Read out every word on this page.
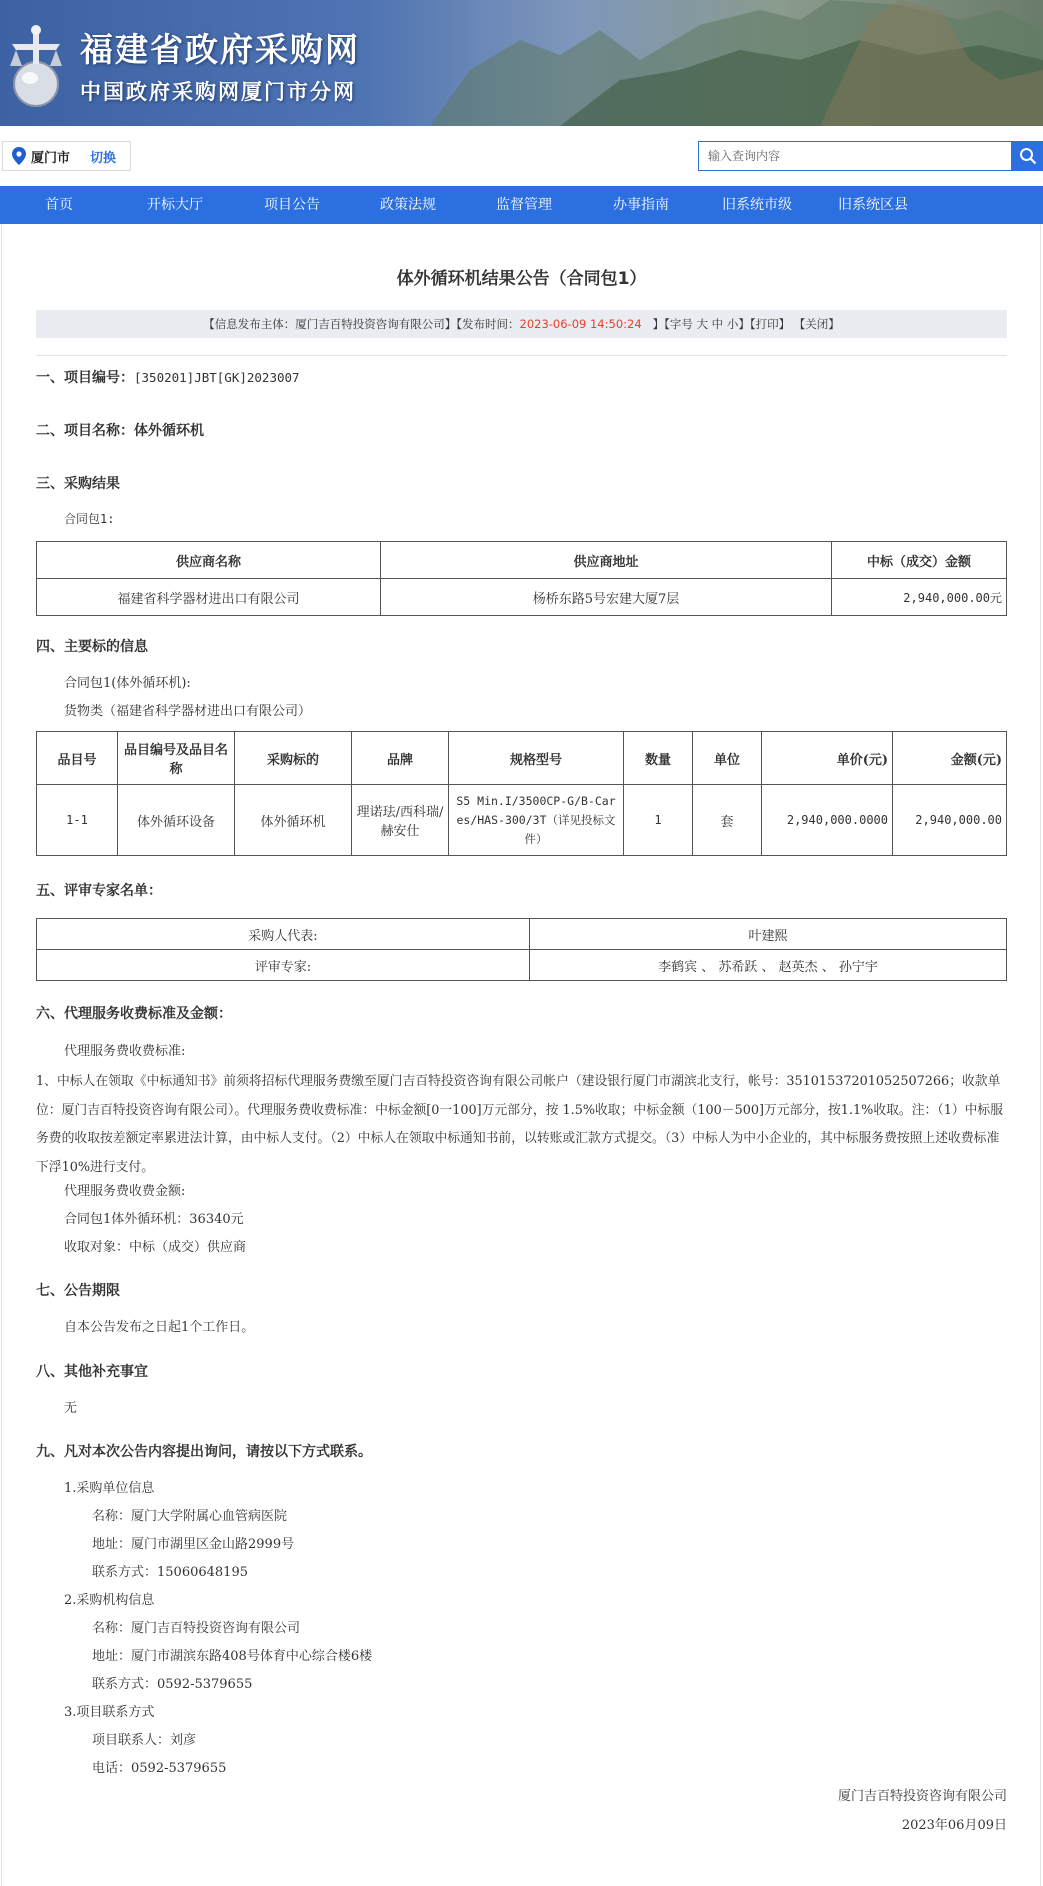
福建省政府采购网
中国政府采购网厦门市分网
厦门市 切换
输入查询内容
首页	开标大厅	项目公告	政策法规	监督管理	办事指南	旧系统市级	旧系统区县
体外循环机结果公告（合同包1）
【信息发布主体：厦门吉百特投资咨询有限公司】【发布时间：2023-06-09 14:50:24 】【字号 大 中 小】【打印】 【关闭】
一、项目编号：[350201]JBT[GK]2023007
二、项目名称：体外循环机
三、采购结果
合同包1:
供应商名称	供应商地址	中标（成交）金额
福建省科学器材进出口有限公司	杨桥东路5号宏建大厦7层	2,940,000.00元
四、主要标的信息
合同包1(体外循环机):
货物类（福建省科学器材进出口有限公司）
品目号	品目编号及品目名称	采购标的	品牌	规格型号	数量	单位	单价(元)	金额(元)
1-1	体外循环设备	体外循环机	理诺珐/西科瑞/赫安仕	S5 Min.I/3500CP-G/B-Cares/HAS-300/3T（详见投标文件）	1	套	2,940,000.0000	2,940,000.00
五、评审专家名单：
采购人代表:	叶建熙
评审专家:	李鹤宾 、 苏希跃 、 赵英杰 、 孙宁宇
六、代理服务收费标准及金额：
代理服务费收费标准:
1、中标人在领取《中标通知书》前须将招标代理服务费缴至厦门吉百特投资咨询有限公司帐户（建设银行厦门市湖滨北支行，帐号：35101537201052507266；收款单位：厦门吉百特投资咨询有限公司）。代理服务费收费标准：中标金额[0一100]万元部分，按 1.5%收取；中标金额（100－500]万元部分，按1.1%收取。注：（1）中标服务费的收取按差额定率累进法计算，由中标人支付。（2）中标人在领取中标通知书前，以转账或汇款方式提交。（3）中标人为中小企业的，其中标服务费按照上述收费标准下浮10%进行支付。
代理服务费收费金额:
合同包1体外循环机：36340元
收取对象：中标（成交）供应商
七、公告期限
自本公告发布之日起1个工作日。
八、其他补充事宜
无
九、凡对本次公告内容提出询问，请按以下方式联系。
1.采购单位信息
名称：厦门大学附属心血管病医院
地址：厦门市湖里区金山路2999号
联系方式：15060648195
2.采购机构信息
名称：厦门吉百特投资咨询有限公司
地址：厦门市湖滨东路408号体育中心综合楼6楼
联系方式：0592-5379655
3.项目联系方式
项目联系人：刘彦
电话：0592-5379655
厦门吉百特投资咨询有限公司
2023年06月09日
